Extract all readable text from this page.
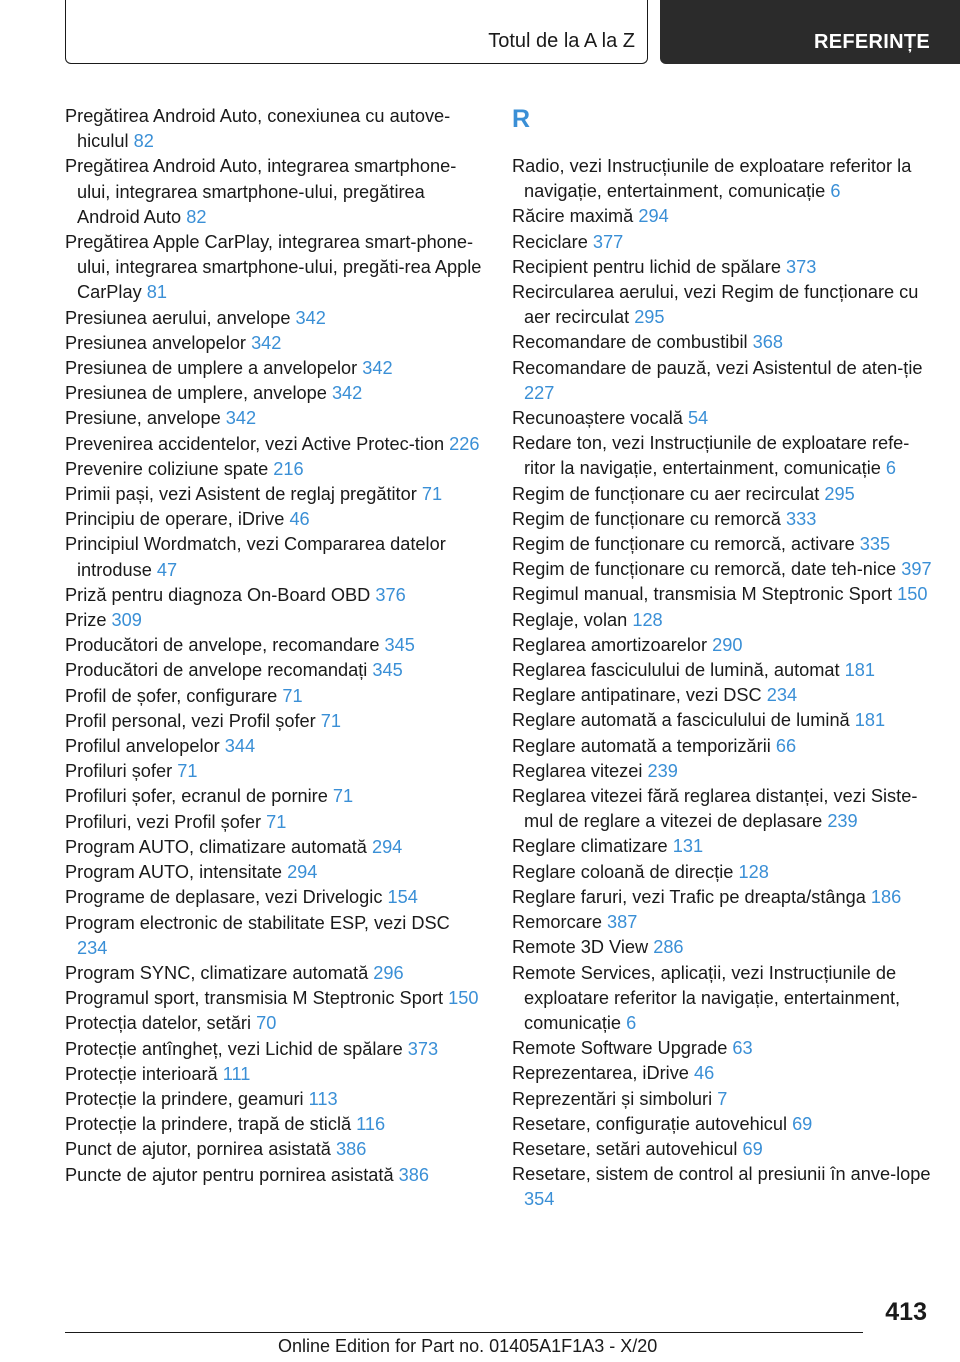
Totul de la A la Z	REFERINȚE
Pregătirea Android Auto, conexiunea cu autove-hiculul 82
Pregătirea Android Auto, integrarea smartphone-ului, integrarea smartphone-ului, pregătirea Android Auto 82
Pregătirea Apple CarPlay, integrarea smart-phone-ului, integrarea smartphone-ului, pregăti-rea Apple CarPlay 81
Presiunea aerului, anvelope 342
Presiunea anvelopelor 342
Presiunea de umplere a anvelopelor 342
Presiunea de umplere, anvelope 342
Presiune, anvelope 342
Prevenirea accidentelor, vezi Active Protec-tion 226
Prevenire coliziune spate 216
Primii pași, vezi Asistent de reglaj pregătitor 71
Principiu de operare, iDrive 46
Principiul Wordmatch, vezi Compararea datelor introduse 47
Priză pentru diagnoza On-Board OBD 376
Prize 309
Producători de anvelope, recomandare 345
Producători de anvelope recomandați 345
Profil de șofer, configurare 71
Profil personal, vezi Profil șofer 71
Profilul anvelopelor 344
Profiluri șofer 71
Profiluri șofer, ecranul de pornire 71
Profiluri, vezi Profil șofer 71
Program AUTO, climatizare automată 294
Program AUTO, intensitate 294
Programe de deplasare, vezi Drivelogic 154
Program electronic de stabilitate ESP, vezi DSC 234
Program SYNC, climatizare automată 296
Programul sport, transmisia M Steptronic Sport 150
Protecția datelor, setări 70
Protecție antîngheț, vezi Lichid de spălare 373
Protecție interioară 111
Protecție la prindere, geamuri 113
Protecție la prindere, trapă de sticlă 116
Punct de ajutor, pornirea asistată 386
Puncte de ajutor pentru pornirea asistată 386
R
Radio, vezi Instrucțiunile de exploatare referitor la navigație, entertainment, comunicație 6
Răcire maximă 294
Reciclare 377
Recipient pentru lichid de spălare 373
Recircularea aerului, vezi Regim de funcționare cu aer recirculat 295
Recomandare de combustibil 368
Recomandare de pauză, vezi Asistentul de aten-ție 227
Recunoaștere vocală 54
Redare ton, vezi Instrucțiunile de exploatare refe-ritor la navigație, entertainment, comunicație 6
Regim de funcționare cu aer recirculat 295
Regim de funcționare cu remorcă 333
Regim de funcționare cu remorcă, activare 335
Regim de funcționare cu remorcă, date teh-nice 397
Regimul manual, transmisia M Steptronic Sport 150
Reglaje, volan 128
Reglarea amortizoarelor 290
Reglarea fasciculului de lumină, automat 181
Reglare antipatinare, vezi DSC 234
Reglare automată a fasciculului de lumină 181
Reglare automată a temporizării 66
Reglarea vitezei 239
Reglarea vitezei fără reglarea distanței, vezi Siste-mul de reglare a vitezei de deplasare 239
Reglare climatizare 131
Reglare coloană de direcție 128
Reglare faruri, vezi Trafic pe dreapta/stânga 186
Remorcare 387
Remote 3D View 286
Remote Services, aplicații, vezi Instrucțiunile de exploatare referitor la navigație, entertainment, comunicație 6
Remote Software Upgrade 63
Reprezentarea, iDrive 46
Reprezentări și simboluri 7
Resetare, configurație autovehicul 69
Resetare, setări autovehicul 69
Resetare, sistem de control al presiunii în anve-lope 354
413
Online Edition for Part no. 01405A1F1A3 - X/20
